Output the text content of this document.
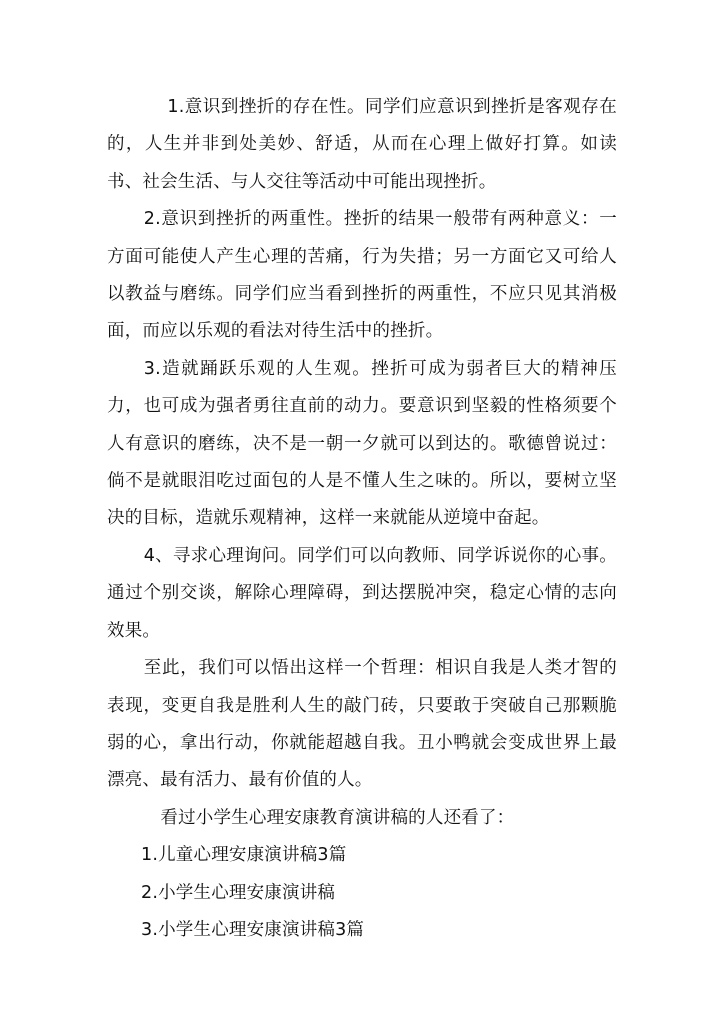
1.意识到挫折的存在性。同学们应意识到挫折是客观存在的，人生并非到处美妙、舒适，从而在心理上做好打算。如读书、社会生活、与人交往等活动中可能出现挫折。

2.意识到挫折的两重性。挫折的结果一般带有两种意义：一方面可能使人产生心理的苦痛，行为失措；另一方面它又可给人以教益与磨练。同学们应当看到挫折的两重性，不应只见其消极面，而应以乐观的看法对待生活中的挫折。

3.造就踊跃乐观的人生观。挫折可成为弱者巨大的精神压力，也可成为强者勇往直前的动力。要意识到坚毅的性格须要个人有意识的磨练，决不是一朝一夕就可以到达的。歌德曾说过：倘不是就眼泪吃过面包的人是不懂人生之味的。所以，要树立坚决的目标，造就乐观精神，这样一来就能从逆境中奋起。

4、寻求心理询问。同学们可以向教师、同学诉说你的心事。通过个别交谈，解除心理障碍，到达摆脱冲突，稳定心情的志向效果。

至此，我们可以悟出这样一个哲理：相识自我是人类才智的表现，变更自我是胜利人生的敲门砖，只要敢于突破自己那颗脆弱的心，拿出行动，你就能超越自我。丑小鸭就会变成世界上最漂亮、最有活力、最有价值的人。

看过小学生心理安康教育演讲稿的人还看了：

1.儿童心理安康演讲稿3篇
2.小学生心理安康演讲稿
3.小学生心理安康演讲稿3篇
